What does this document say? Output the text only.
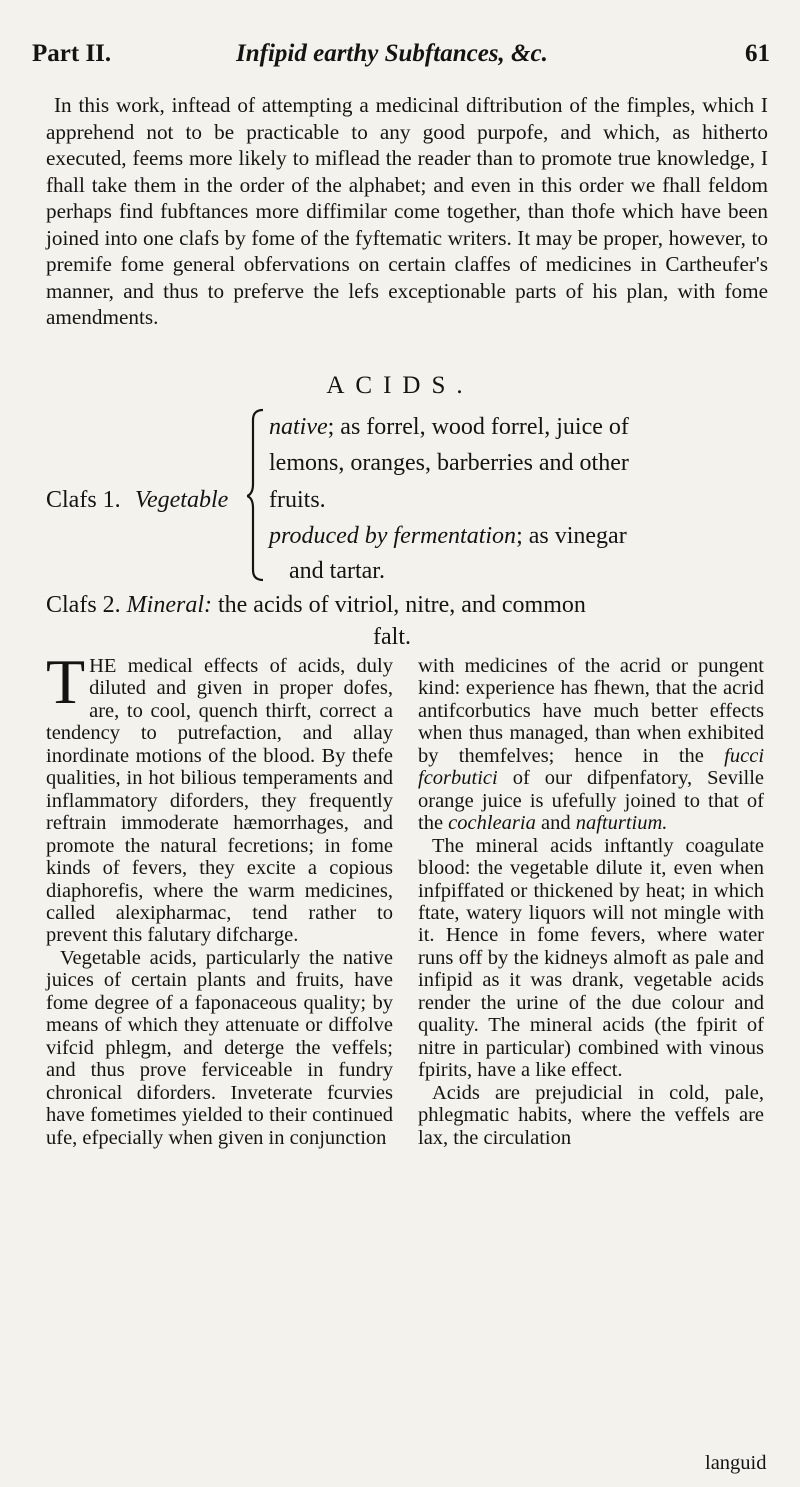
Part II.	Infipid earthy Subftances, &c.	61
In this work, inftead of attempting a medicinal diftribution of the fimples, which I apprehend not to be practicable to any good purpofe, and which, as hitherto executed, feems more likely to miflead the reader than to promote true knowledge, I fhall take them in the order of the alphabet; and even in this order we fhall feldom perhaps find fubftances more diffimilar come together, than thofe which have been joined into one clafs by fome of the fyftematic writers. It may be proper, however, to premife fome general obfervations on certain claffes of medicines in Cartheufer's manner, and thus to preferve the lefs exceptionable parts of his plan, with fome amendments.
ACIDS.
Clafs 1. Vegetable
native; as forrel, wood forrel, juice of
lemons, oranges, barberries and other
fruits.
produced by fermentation; as vinegar
and tartar.
Clafs 2. Mineral: the acids of vitriol, nitre, and common
falt.

THE medical effects of acids, duly diluted and given in proper dofes, are, to cool, quench thirft, correct a tendency to putrefaction, and allay inordinate motions of the blood. By thefe qualities, in hot bilious temperaments and inflammatory diforders, they frequently reftrain immoderate hæmorrhages, and promote the natural fecretions; in fome kinds of fevers, they excite a copious diaphorefis, where the warm medicines, called alexipharmac, tend rather to prevent this falutary difcharge.

Vegetable acids, particularly the native juices of certain plants and fruits, have fome degree of a faponaceous quality; by means of which they attenuate or diffolve vifcid phlegm, and deterge the veffels; and thus prove ferviceable in fundry chronical diforders. Inveterate fcurvies have fometimes yielded to their continued ufe, efpecially when given in conjunction

with medicines of the acrid or pungent kind: experience has fhewn, that the acrid antifcorbutics have much better effects when thus managed, than when exhibited by themfelves; hence in the fucci fcorbutici of our difpenfatory, Seville orange juice is ufefully joined to that of the cochlearia and nafturtium.

The mineral acids inftantly coagulate blood: the vegetable dilute it, even when infpiffated or thickened by heat; in which ftate, watery liquors will not mingle with it. Hence in fome fevers, where water runs off by the kidneys almoft as pale and infipid as it was drank, vegetable acids render the urine of the due colour and quality. The mineral acids (the fpirit of nitre in particular) combined with vinous fpirits, have a like effect.

Acids are prejudicial in cold, pale, phlegmatic habits, where the veffels are lax, the circulation

languid
